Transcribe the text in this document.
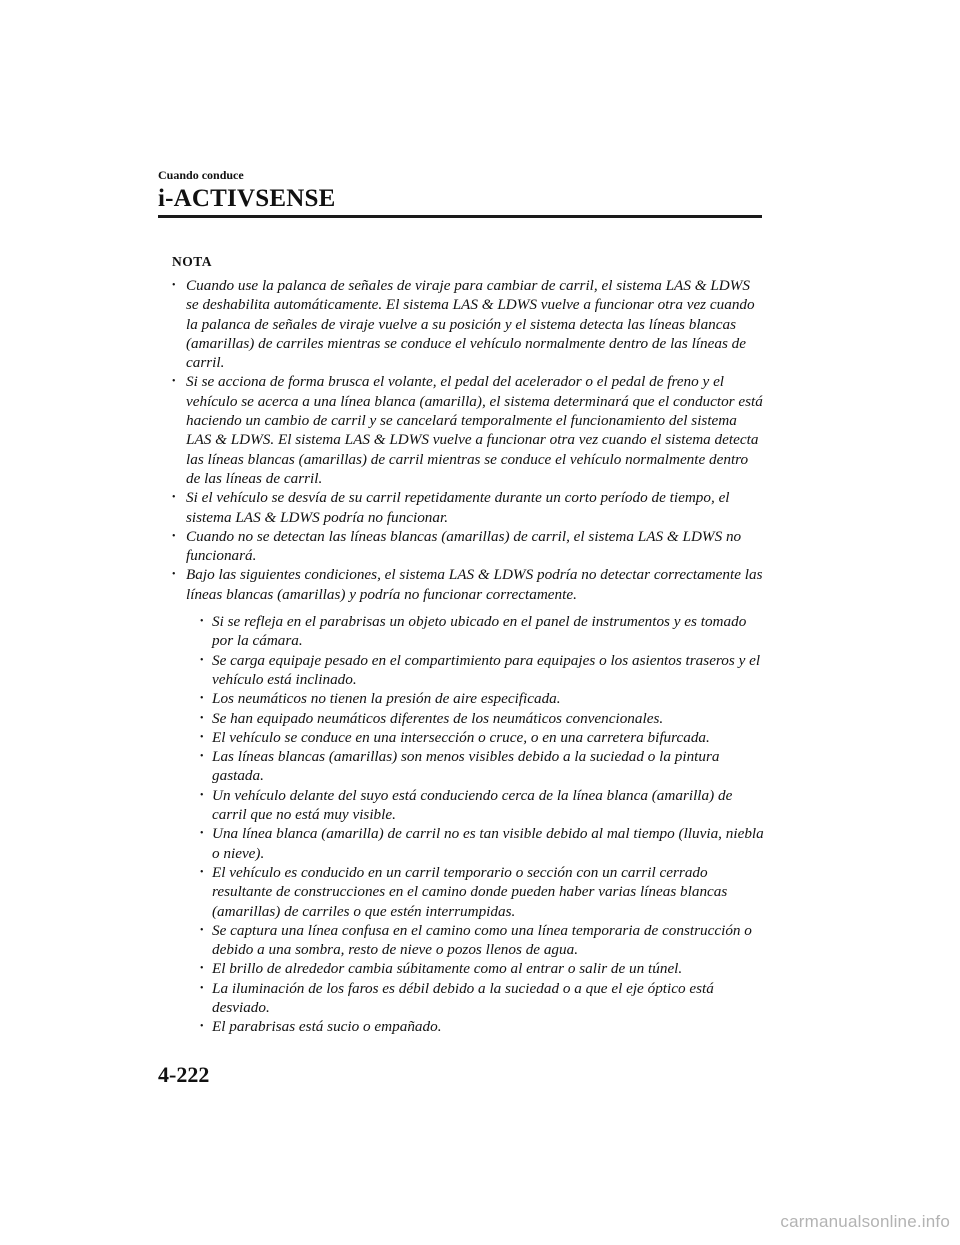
Cuando conduce

i-ACTIVSENSE
NOTA
• Cuando use la palanca de señales de viraje para cambiar de carril, el sistema LAS & LDWS se deshabilita automáticamente. El sistema LAS & LDWS vuelve a funcionar otra vez cuando la palanca de señales de viraje vuelve a su posición y el sistema detecta las líneas blancas (amarillas) de carriles mientras se conduce el vehículo normalmente dentro de las líneas de carril.
• Si se acciona de forma brusca el volante, el pedal del acelerador o el pedal de freno y el vehículo se acerca a una línea blanca (amarilla), el sistema determinará que el conductor está haciendo un cambio de carril y se cancelará temporalmente el funcionamiento del sistema LAS & LDWS. El sistema LAS & LDWS vuelve a funcionar otra vez cuando el sistema detecta las líneas blancas (amarillas) de carril mientras se conduce el vehículo normalmente dentro de las líneas de carril.
• Si el vehículo se desvía de su carril repetidamente durante un corto período de tiempo, el sistema LAS & LDWS podría no funcionar.
• Cuando no se detectan las líneas blancas (amarillas) de carril, el sistema LAS & LDWS no funcionará.
• Bajo las siguientes condiciones, el sistema LAS & LDWS podría no detectar correctamente las líneas blancas (amarillas) y podría no funcionar correctamente.
• Si se refleja en el parabrisas un objeto ubicado en el panel de instrumentos y es tomado por la cámara.
• Se carga equipaje pesado en el compartimiento para equipajes o los asientos traseros y el vehículo está inclinado.
• Los neumáticos no tienen la presión de aire especificada.
• Se han equipado neumáticos diferentes de los neumáticos convencionales.
• El vehículo se conduce en una intersección o cruce, o en una carretera bifurcada.
• Las líneas blancas (amarillas) son menos visibles debido a la suciedad o la pintura gastada.
• Un vehículo delante del suyo está conduciendo cerca de la línea blanca (amarilla) de carril que no está muy visible.
• Una línea blanca (amarilla) de carril no es tan visible debido al mal tiempo (lluvia, niebla o nieve).
• El vehículo es conducido en un carril temporario o sección con un carril cerrado resultante de construcciones en el camino donde pueden haber varias líneas blancas (amarillas) de carriles o que estén interrumpidas.
• Se captura una línea confusa en el camino como una línea temporaria de construcción o debido a una sombra, resto de nieve o pozos llenos de agua.
• El brillo de alrededor cambia súbitamente como al entrar o salir de un túnel.
• La iluminación de los faros es débil debido a la suciedad o a que el eje óptico está desviado.
• El parabrisas está sucio o empañado.
4-222
carmanualsonline.info
